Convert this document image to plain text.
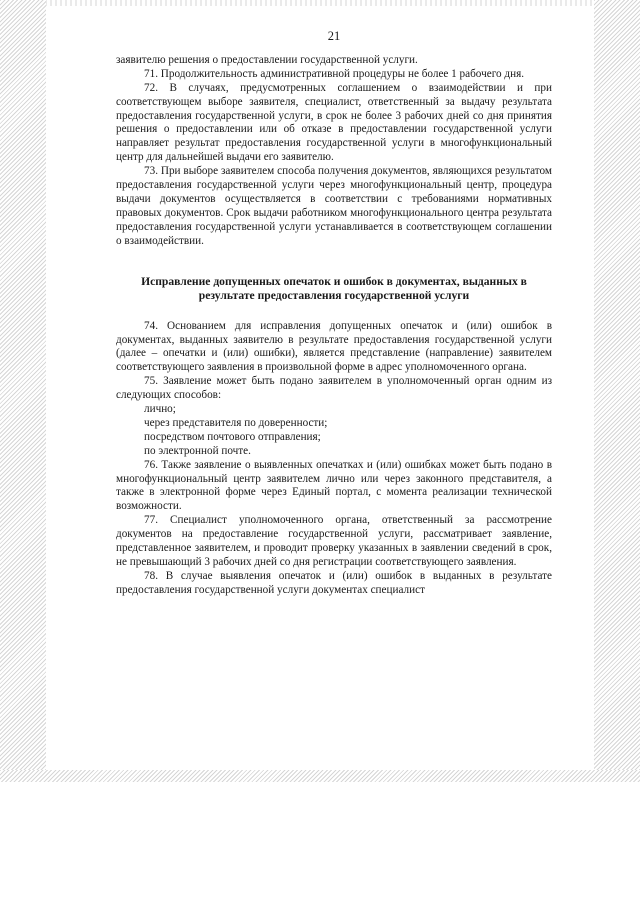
21

заявителю решения о предоставлении государственной услуги.

71. Продолжительность административной процедуры не более 1 рабочего дня.

72. В случаях, предусмотренных соглашением о взаимодействии и при соответствующем выборе заявителя, специалист, ответственный за выдачу результата предоставления государственной услуги, в срок не более 3 рабочих дней со дня принятия решения о предоставлении или об отказе в предоставлении государственной услуги направляет результат предоставления государственной услуги в многофункциональный центр для дальнейшей выдачи его заявителю.

73. При выборе заявителем способа получения документов, являющихся результатом предоставления государственной услуги через многофункциональный центр, процедура выдачи документов осуществляется в соответствии с требованиями нормативных правовых документов. Срок выдачи работником многофункционального центра результата предоставления государственной услуги устанавливается в соответствующем соглашении о взаимодействии.

Исправление допущенных опечаток и ошибок в документах, выданных в результате предоставления государственной услуги

74. Основанием для исправления допущенных опечаток и (или) ошибок в документах, выданных заявителю в результате предоставления государственной услуги (далее – опечатки и (или) ошибки), является представление (направление) заявителем соответствующего заявления в произвольной форме в адрес уполномоченного органа.

75. Заявление может быть подано заявителем в уполномоченный орган одним из следующих способов:

лично;

через представителя по доверенности;

посредством почтового отправления;

по электронной почте.

76. Также заявление о выявленных опечатках и (или) ошибках может быть подано в многофункциональный центр заявителем лично или через законного представителя, а также в электронной форме через Единый портал, с момента реализации технической возможности.

77. Специалист уполномоченного органа, ответственный за рассмотрение документов на предоставление государственной услуги, рассматривает заявление, представленное заявителем, и проводит проверку указанных в заявлении сведений в срок, не превышающий 3 рабочих дней со дня регистрации соответствующего заявления.

78. В случае выявления опечаток и (или) ошибок в выданных в результате предоставления государственной услуги документах специалист
